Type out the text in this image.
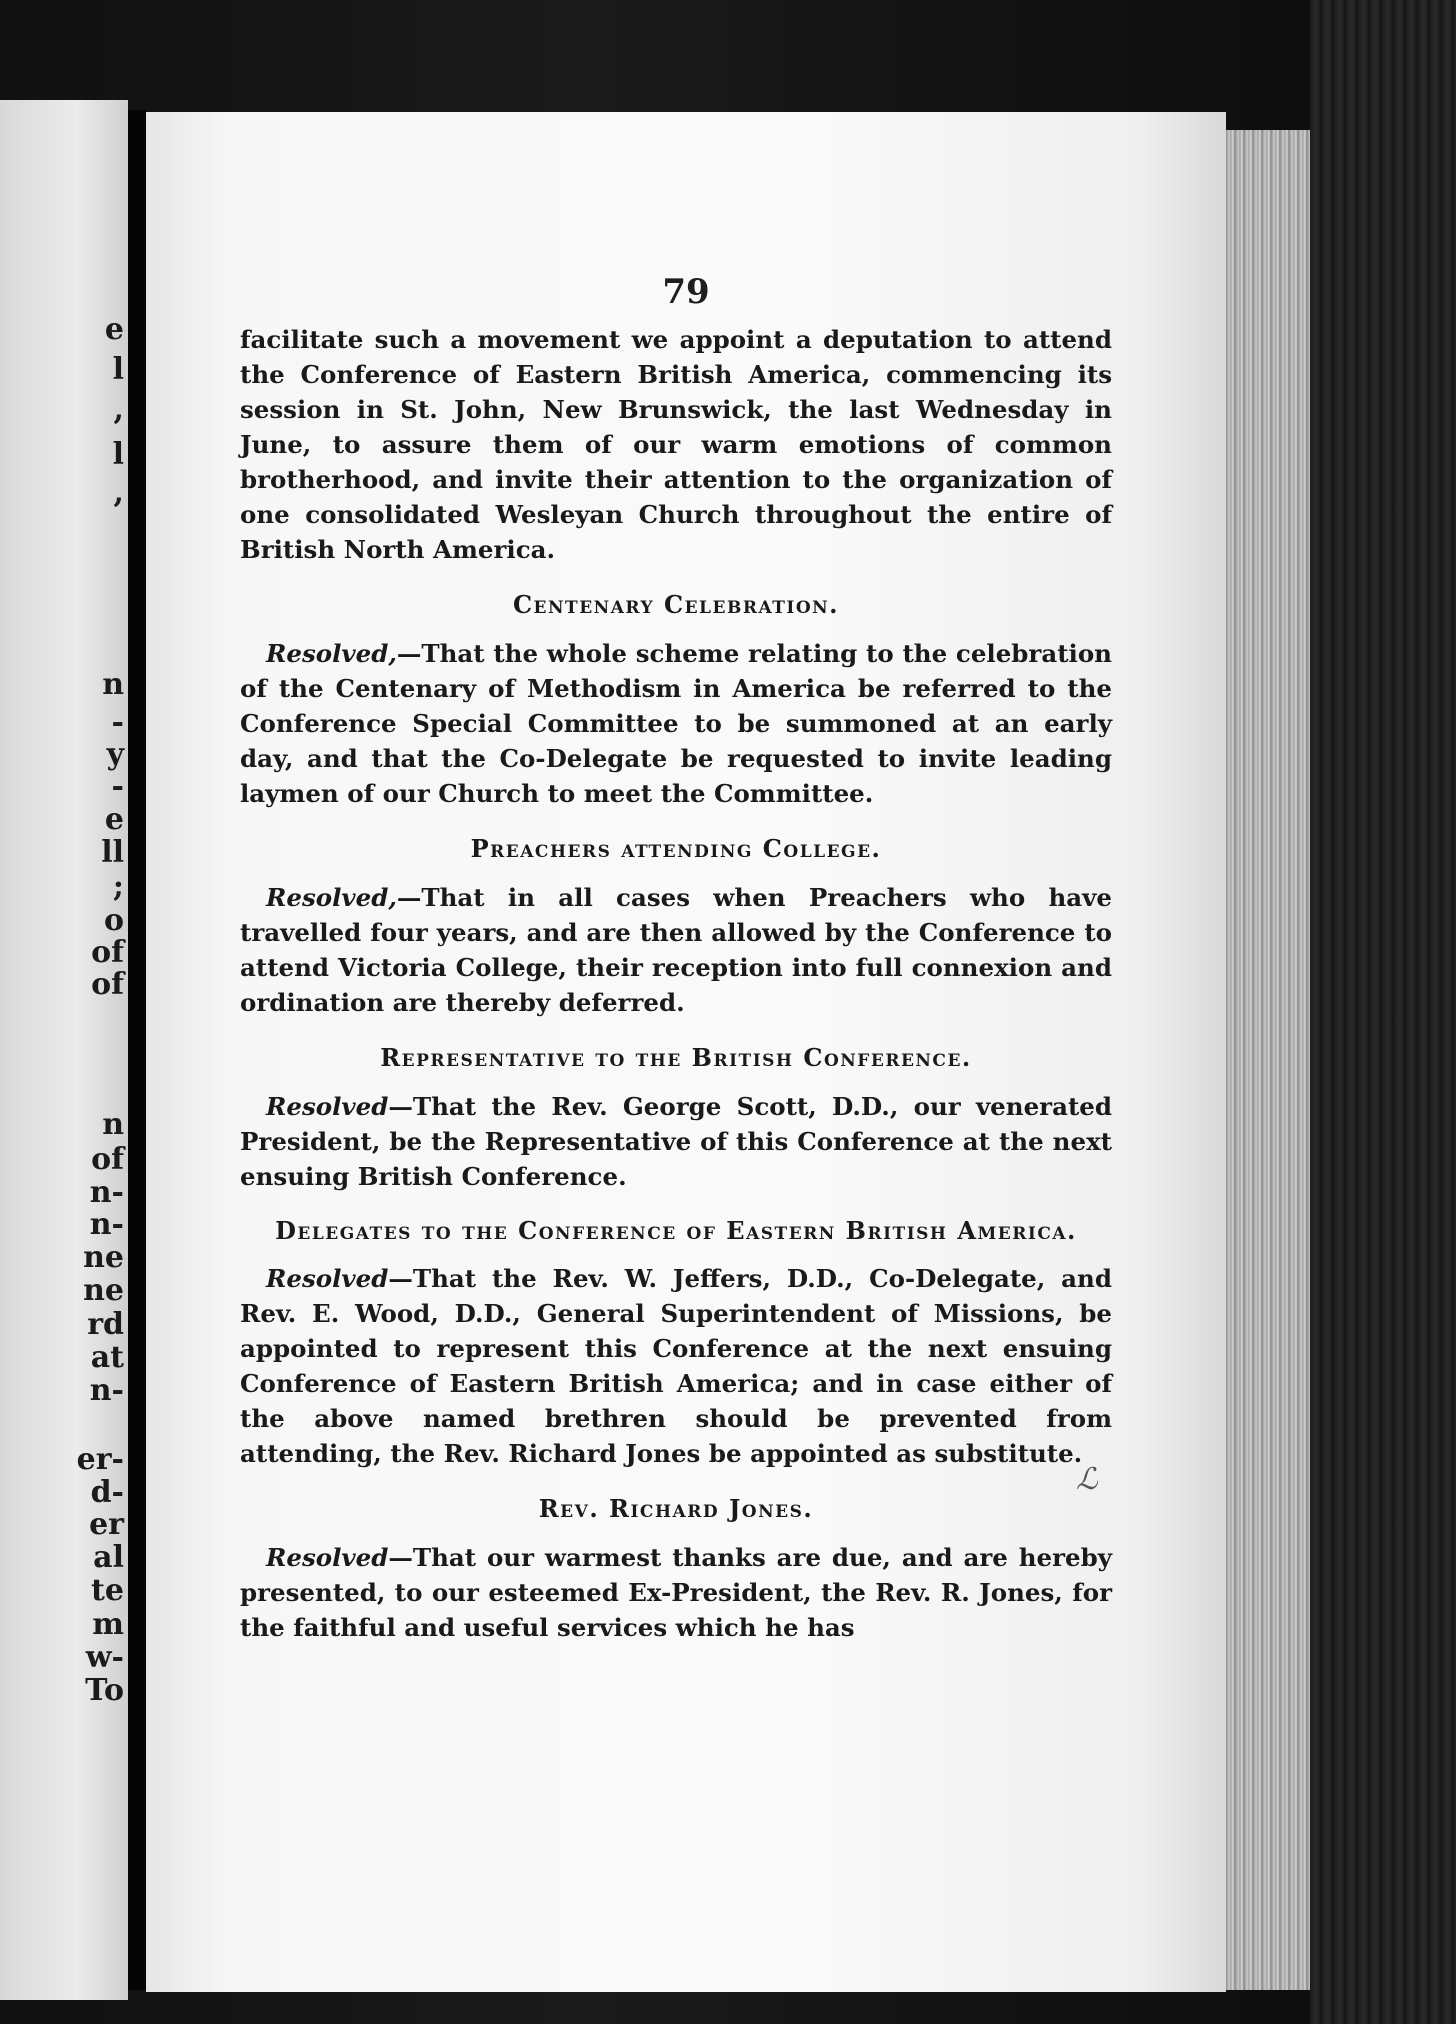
e
l
,
l
,
n
-
y
-
e
ll
;
o
of
of
n
of
n-
n-
ne
ne
rd
at
n-
er-
d-
er
al
te
m
w-
To
79

facilitate such a movement we appoint a deputation to attend the Conference of Eastern British America, commencing its session in St. John, New Brunswick, the last Wednesday in June, to assure them of our warm emotions of common brotherhood, and invite their attention to the organization of one consolidated Wesleyan Church throughout the entire of British North America.

Centenary Celebration.

Resolved,—That the whole scheme relating to the celebration of the Centenary of Methodism in America be referred to the Conference Special Committee to be summoned at an early day, and that the Co-Delegate be requested to invite leading laymen of our Church to meet the Committee.

Preachers attending College.

Resolved,—That in all cases when Preachers who have travelled four years, and are then allowed by the Conference to attend Victoria College, their reception into full connexion and ordination are thereby deferred.

Representative to the British Conference.

Resolved—That the Rev. George Scott, D.D., our venerated President, be the Representative of this Conference at the next ensuing British Conference.

Delegates to the Conference of Eastern British America.

Resolved—That the Rev. W. Jeffers, D.D., Co-Delegate, and Rev. E. Wood, D.D., General Superintendent of Missions, be appointed to represent this Conference at the next ensuing Conference of Eastern British America; and in case either of the above named brethren should be prevented from attending, the Rev. Richard Jones be appointed as substitute.

Rev. Richard Jones.

Resolved—That our warmest thanks are due, and are hereby presented, to our esteemed Ex-President, the Rev. R. Jones, for the faithful and useful services which he has

ℒ
